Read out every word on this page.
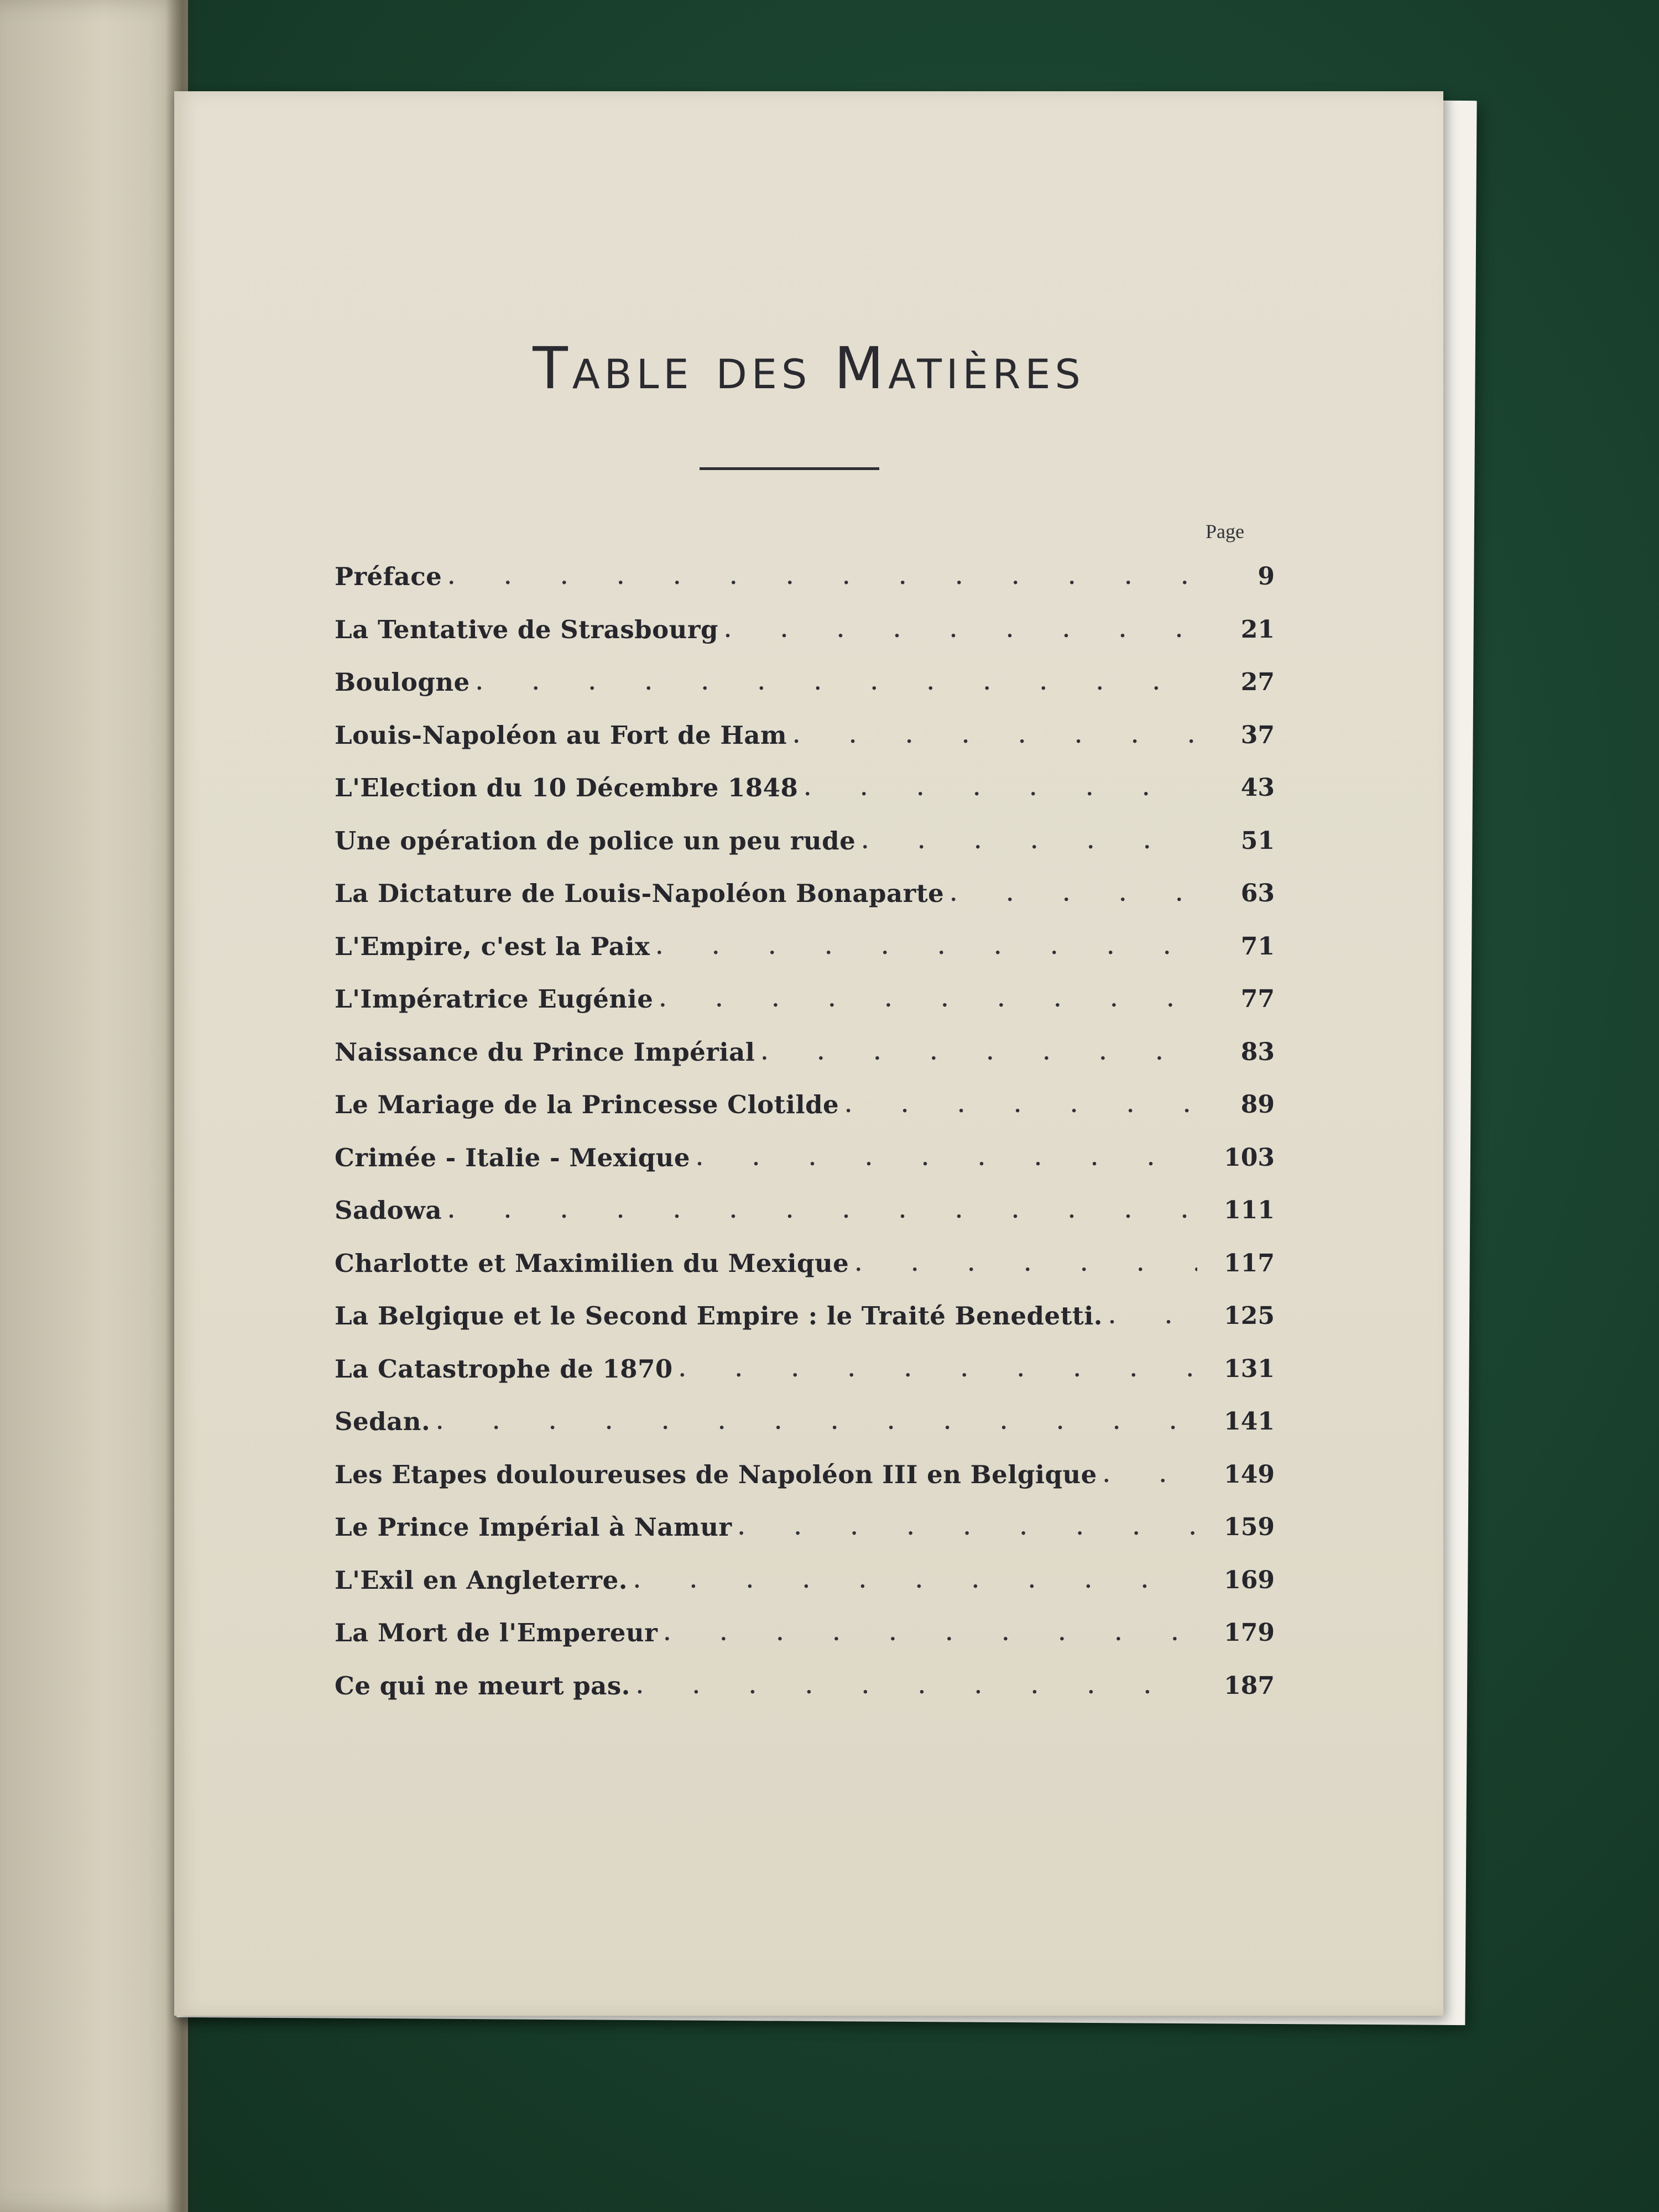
Table des Matières
Page
Préface .....	9
La Tentative de Strasbourg .....	21
Boulogne .....	27
Louis-Napoléon au Fort de Ham .....	37
L'Election du 10 Décembre 1848 .....	43
Une opération de police un peu rude .....	51
La Dictature de Louis-Napoléon Bonaparte .....	63
L'Empire, c'est la Paix .....	71
L'Impératrice Eugénie .....	77
Naissance du Prince Impérial .....	83
Le Mariage de la Princesse Clotilde .....	89
Crimée - Italie - Mexique .....	103
Sadowa .....	111
Charlotte et Maximilien du Mexique .....	117
La Belgique et le Second Empire : le Traité Benedetti. .....	125
La Catastrophe de 1870 .....	131
Sedan. .....	141
Les Etapes douloureuses de Napoléon III en Belgique .....	149
Le Prince Impérial à Namur .....	159
L'Exil en Angleterre. .....	169
La Mort de l'Empereur .....	179
Ce qui ne meurt pas. .....	187
